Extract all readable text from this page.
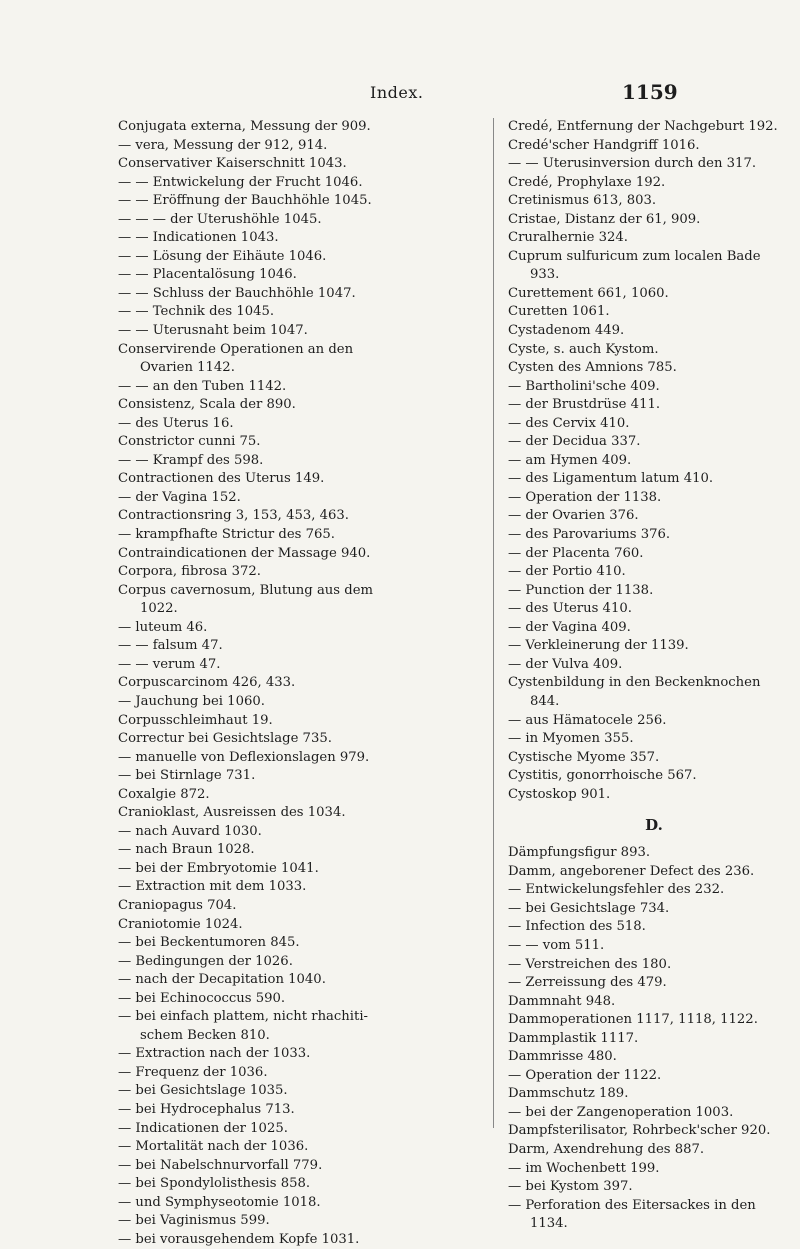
Index.	1159
Conjugata externa, Messung der 909.
— vera, Messung der 912, 914.
Conservativer Kaiserschnitt 1043.
— — Entwickelung der Frucht 1046.
— — Eröffnung der Bauchhöhle 1045.
— — — der Uterushöhle 1045.
— — Indicationen 1043.
— — Lösung der Eihäute 1046.
— — Placentalösung 1046.
— — Schluss der Bauchhöhle 1047.
— — Technik des 1045.
— — Uterusnaht beim 1047.
Conservirende Operationen an den
Ovarien 1142.
— — an den Tuben 1142.
Consistenz, Scala der 890.
— des Uterus 16.
Constrictor cunni 75.
— — Krampf des 598.
Contractionen des Uterus 149.
— der Vagina 152.
Contractionsring 3, 153, 453, 463.
— krampfhafte Strictur des 765.
Contraindicationen der Massage 940.
Corpora, fibrosa 372.
Corpus cavernosum, Blutung aus dem
1022.
— luteum 46.
— — falsum 47.
— — verum 47.
Corpuscarcinom 426, 433.
— Jauchung bei 1060.
Corpusschleimhaut 19.
Correctur bei Gesichtslage 735.
— manuelle von Deflexionslagen 979.
— bei Stirnlage 731.
Coxalgie 872.
Cranioklast, Ausreissen des 1034.
— nach Auvard 1030.
— nach Braun 1028.
— bei der Embryotomie 1041.
— Extraction mit dem 1033.
Craniopagus 704.
Craniotomie 1024.
— bei Beckentumoren 845.
— Bedingungen der 1026.
— nach der Decapitation 1040.
— bei Echinococcus 590.
— bei einfach plattem, nicht rhachiti-
schem Becken 810.
— Extraction nach der 1033.
— Frequenz der 1036.
— bei Gesichtslage 1035.
— bei Hydrocephalus 713.
— Indicationen der 1025.
— Mortalität nach der 1036.
— bei Nabelschnurvorfall 779.
— bei Spondylolisthesis 858.
— und Symphyseotomie 1018.
— bei Vaginismus 599.
— bei vorausgehendem Kopfe 1031.
Credé, Entfernung der Nachgeburt 192.
Credé'scher Handgriff 1016.
— — Uterusinversion durch den 317.
Credé, Prophylaxe 192.
Cretinismus 613, 803.
Cristae, Distanz der 61, 909.
Cruralhernie 324.
Cuprum sulfuricum zum localen Bade
933.
Curettement 661, 1060.
Curetten 1061.
Cystadenom 449.
Cyste, s. auch Kystom.
Cysten des Amnions 785.
— Bartholini'sche 409.
— der Brustdrüse 411.
— des Cervix 410.
— der Decidua 337.
— am Hymen 409.
— des Ligamentum latum 410.
— Operation der 1138.
— der Ovarien 376.
— des Parovariums 376.
— der Placenta 760.
— der Portio 410.
— Punction der 1138.
— des Uterus 410.
— der Vagina 409.
— Verkleinerung der 1139.
— der Vulva 409.
Cystenbildung in den Beckenknochen
844.
— aus Hämatocele 256.
— in Myomen 355.
Cystische Myome 357.
Cystitis, gonorrhoische 567.
Cystoskop 901.
D.
Dämpfungsfigur 893.
Damm, angeborener Defect des 236.
— Entwickelungsfehler des 232.
— bei Gesichtslage 734.
— Infection des 518.
— — vom 511.
— Verstreichen des 180.
— Zerreissung des 479.
Dammnaht 948.
Dammoperationen 1117, 1118, 1122.
Dammplastik 1117.
Dammrisse 480.
— Operation der 1122.
Dammschutz 189.
— bei der Zangenoperation 1003.
Dampfsterilisator, Rohrbeck'scher 920.
Darm, Axendrehung des 887.
— im Wochenbett 199.
— bei Kystom 397.
— Perforation des Eitersackes in den
1134.
